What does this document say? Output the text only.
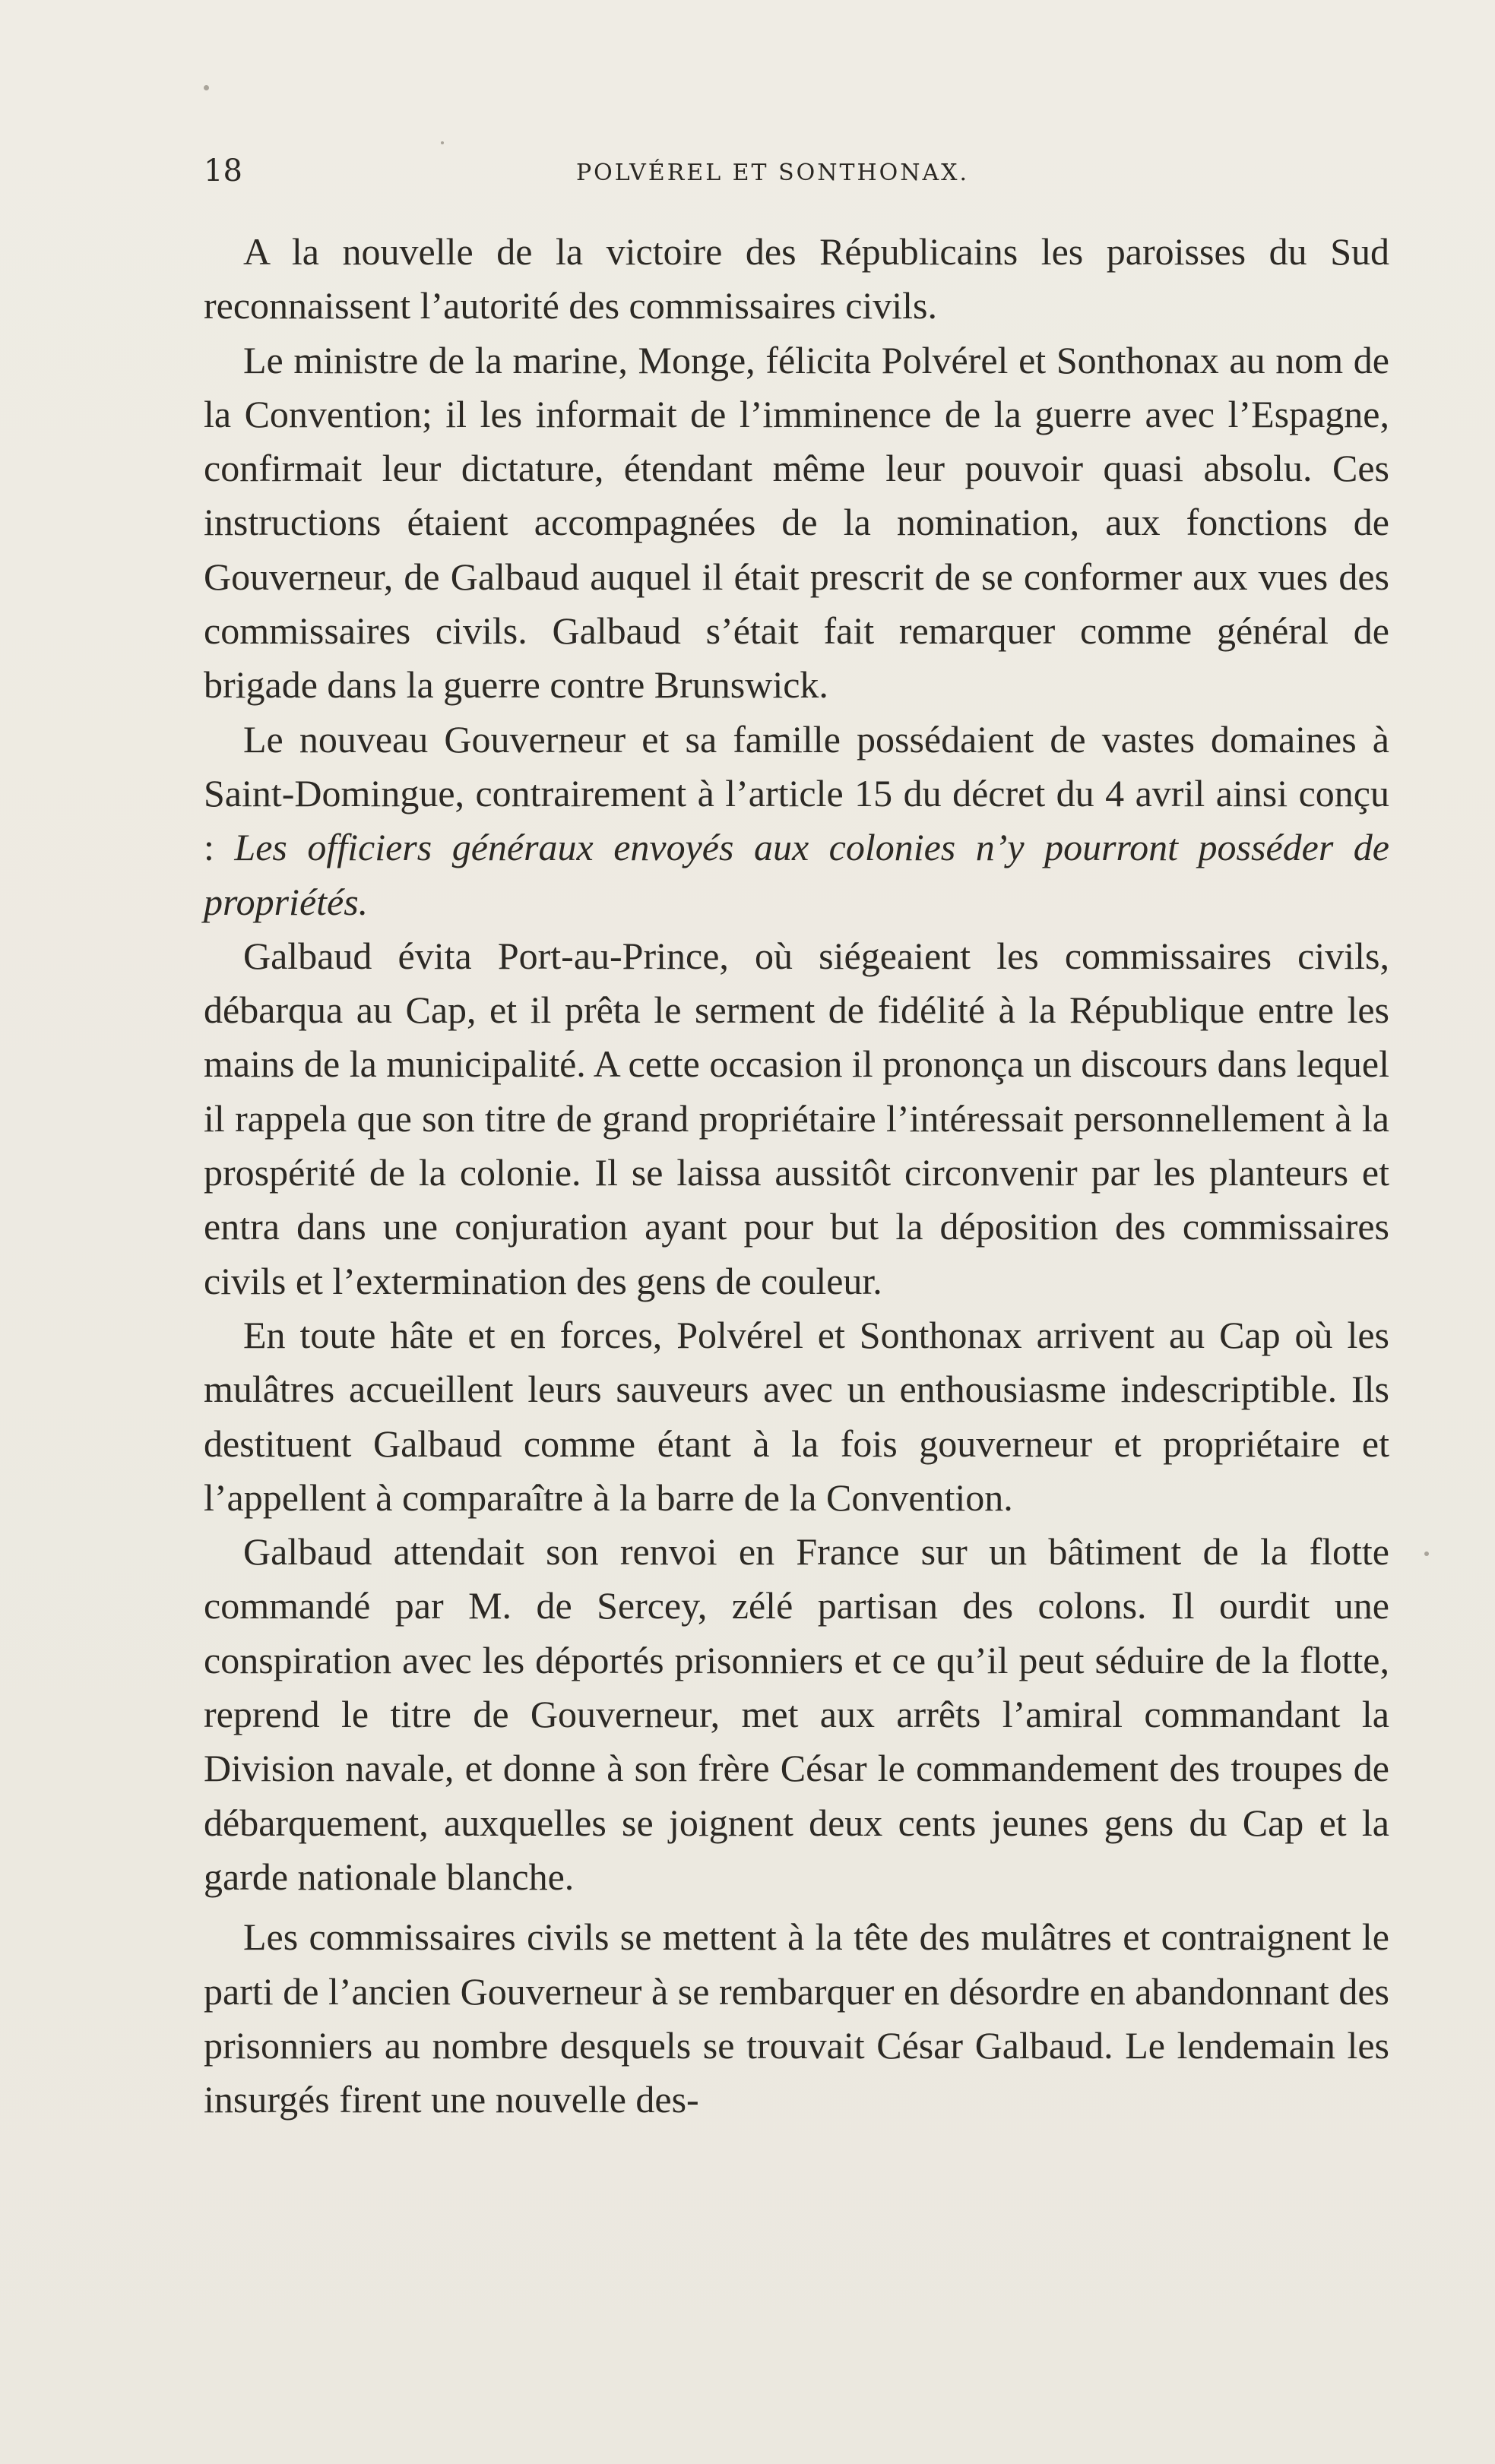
18	POLVÉREL ET SONTHONAX.

A la nouvelle de la victoire des Républicains les paroisses du Sud reconnaissent l’autorité des commissaires civils.

Le ministre de la marine, Monge, félicita Polvérel et Sonthonax au nom de la Convention; il les informait de l’imminence de la guerre avec l’Espagne, confirmait leur dictature, étendant même leur pouvoir quasi absolu. Ces instructions étaient accompagnées de la nomination, aux fonctions de Gouverneur, de Galbaud auquel il était prescrit de se conformer aux vues des commissaires civils. Galbaud s’était fait remarquer comme général de brigade dans la guerre contre Brunswick.

Le nouveau Gouverneur et sa famille possédaient de vastes domaines à Saint-Domingue, contrairement à l’article 15 du décret du 4 avril ainsi conçu : Les officiers généraux envoyés aux colonies n’y pourront posséder de propriétés.

Galbaud évita Port-au-Prince, où siégeaient les commissaires civils, débarqua au Cap, et il prêta le serment de fidélité à la République entre les mains de la municipalité. A cette occasion il prononça un discours dans lequel il rappela que son titre de grand propriétaire l’intéressait personnellement à la prospérité de la colonie. Il se laissa aussitôt circonvenir par les planteurs et entra dans une conjuration ayant pour but la déposition des commissaires civils et l’extermination des gens de couleur.

En toute hâte et en forces, Polvérel et Sonthonax arrivent au Cap où les mulâtres accueillent leurs sauveurs avec un enthousiasme indescriptible. Ils destituent Galbaud comme étant à la fois gouverneur et propriétaire et l’appellent à comparaître à la barre de la Convention.

Galbaud attendait son renvoi en France sur un bâtiment de la flotte commandé par M. de Sercey, zélé partisan des colons. Il ourdit une conspiration avec les déportés prisonniers et ce qu’il peut séduire de la flotte, reprend le titre de Gouverneur, met aux arrêts l’amiral commandant la Division navale, et donne à son frère César le commandement des troupes de débarquement, auxquelles se joignent deux cents jeunes gens du Cap et la garde nationale blanche.

Les commissaires civils se mettent à la tête des mulâtres et contraignent le parti de l’ancien Gouverneur à se rembarquer en désordre en abandonnant des prisonniers au nombre desquels se trouvait César Galbaud. Le lendemain les insurgés firent une nouvelle des-
